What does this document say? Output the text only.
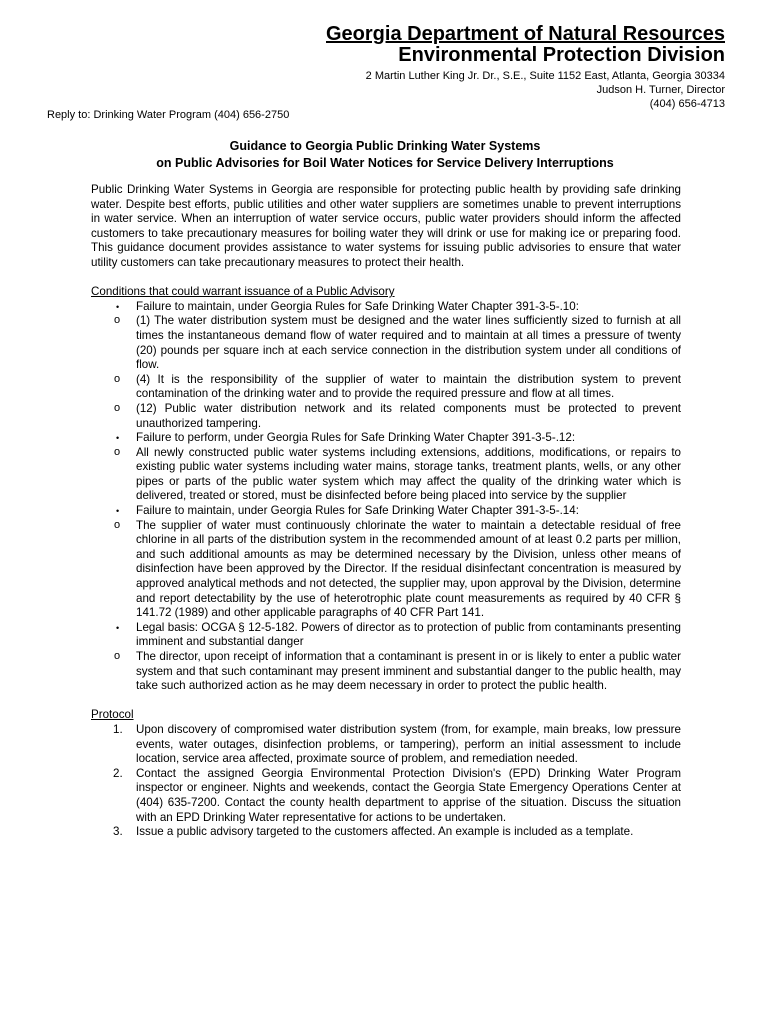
Georgia Department of Natural Resources
Environmental Protection Division
2 Martin Luther King Jr. Dr., S.E., Suite 1152 East, Atlanta, Georgia 30334
Judson H. Turner, Director
(404) 656-4713
Reply to: Drinking Water Program (404) 656-2750
Guidance to Georgia Public Drinking Water Systems
on Public Advisories for Boil Water Notices for Service Delivery Interruptions

Public Drinking Water Systems in Georgia are responsible for protecting public health by providing safe drinking water. Despite best efforts, public utilities and other water suppliers are sometimes unable to prevent interruptions in water service. When an interruption of water service occurs, public water providers should inform the affected customers to take precautionary measures for boiling water they will drink or use for making ice or preparing food. This guidance document provides assistance to water systems for issuing public advisories to ensure that water utility customers can take precautionary measures to protect their health.

Conditions that could warrant issuance of a Public Advisory

• Failure to maintain, under Georgia Rules for Safe Drinking Water Chapter 391-3-5-.10:
o (1) The water distribution system must be designed and the water lines sufficiently sized to furnish at all times the instantaneous demand flow of water required and to maintain at all times a pressure of twenty (20) pounds per square inch at each service connection in the distribution system under all conditions of flow.
o (4) It is the responsibility of the supplier of water to maintain the distribution system to prevent contamination of the drinking water and to provide the required pressure and flow at all times.
o (12) Public water distribution network and its related components must be protected to prevent unauthorized tampering.
• Failure to perform, under Georgia Rules for Safe Drinking Water Chapter 391-3-5-.12:
o All newly constructed public water systems including extensions, additions, modifications, or repairs to existing public water systems including water mains, storage tanks, treatment plants, wells, or any other pipes or parts of the public water system which may affect the quality of the drinking water which is delivered, treated or stored, must be disinfected before being placed into service by the supplier
• Failure to maintain, under Georgia Rules for Safe Drinking Water Chapter 391-3-5-.14:
o The supplier of water must continuously chlorinate the water to maintain a detectable residual of free chlorine in all parts of the distribution system in the recommended amount of at least 0.2 parts per million, and such additional amounts as may be determined necessary by the Division, unless other means of disinfection have been approved by the Director. If the residual disinfectant concentration is measured by approved analytical methods and not detected, the supplier may, upon approval by the Division, determine and report detectability by the use of heterotrophic plate count measurements as required by 40 CFR § 141.72 (1989) and other applicable paragraphs of 40 CFR Part 141.
• Legal basis: OCGA § 12-5-182. Powers of director as to protection of public from contaminants presenting imminent and substantial danger
o The director, upon receipt of information that a contaminant is present in or is likely to enter a public water system and that such contaminant may present imminent and substantial danger to the public health, may take such authorized action as he may deem necessary in order to protect the public health.

Protocol

1. Upon discovery of compromised water distribution system (from, for example, main breaks, low pressure events, water outages, disinfection problems, or tampering), perform an initial assessment to include location, service area affected, proximate source of problem, and remediation needed.
2. Contact the assigned Georgia Environmental Protection Division's (EPD) Drinking Water Program inspector or engineer. Nights and weekends, contact the Georgia State Emergency Operations Center at (404) 635-7200. Contact the county health department to apprise of the situation. Discuss the situation with an EPD Drinking Water representative for actions to be undertaken.
3. Issue a public advisory targeted to the customers affected. An example is included as a template.
